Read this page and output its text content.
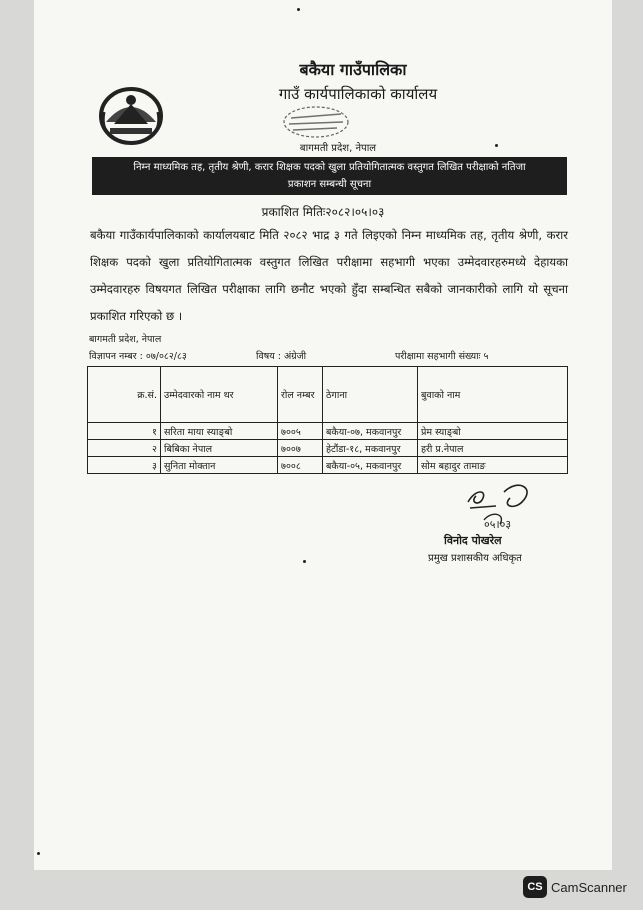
बकैया गाउँपालिका
गाउँ कार्यपालिकाको कार्यालय
बागमती प्रदेश, नेपाल
निम्न माध्यमिक तह, तृतीय श्रेणी, करार शिक्षक पदको खुला प्रतियोगितात्मक वस्तुगत लिखित परीक्षाको नतिजा
प्रकाशन सम्बन्धी सूचना
प्रकाशित मितिः२०८२।०५।०३
बकैया गाउँकार्यपालिकाको कार्यालयबाट मिति २०८२ भाद्र ३ गते लिइएको निम्न माध्यमिक तह, तृतीय श्रेणी, करार शिक्षक पदको खुला प्रतियोगितात्मक वस्तुगत लिखित परीक्षामा सहभागी भएका उम्मेदवारहरुमध्ये देहायका उम्मेदवारहरु विषयगत लिखित परीक्षाका लागि छनौट भएको हुँदा सम्बन्धित सबैको जानकारीको लागि यो सूचना प्रकाशित गरिएको छ ।
बागमती प्रदेश, नेपाल
विज्ञापन नम्बर : ०७/०८२/८३	विषय : अंग्रेजी	परीक्षामा सहभागी संख्याः ५
क्र.सं.	उम्मेदवारको नाम थर	रोल नम्बर	ठेगाना	बुवाको नाम
१	सरिता माया स्याङ्बो	७००५	बकैया-०७, मकवानपुर	प्रेम स्याङ्बो
२	बिबिका नेपाल	७००७	हेटौंडा-१८, मकवानपुर	हरी प्र.नेपाल
३	सुनिता मोक्तान	७००८	बकैया-०५, मकवानपुर	सोम बहादुर तामाङ
०५।०३
विनोद पोखरेल
प्रमुख प्रशासकीय अधिकृत
CS CamScanner
